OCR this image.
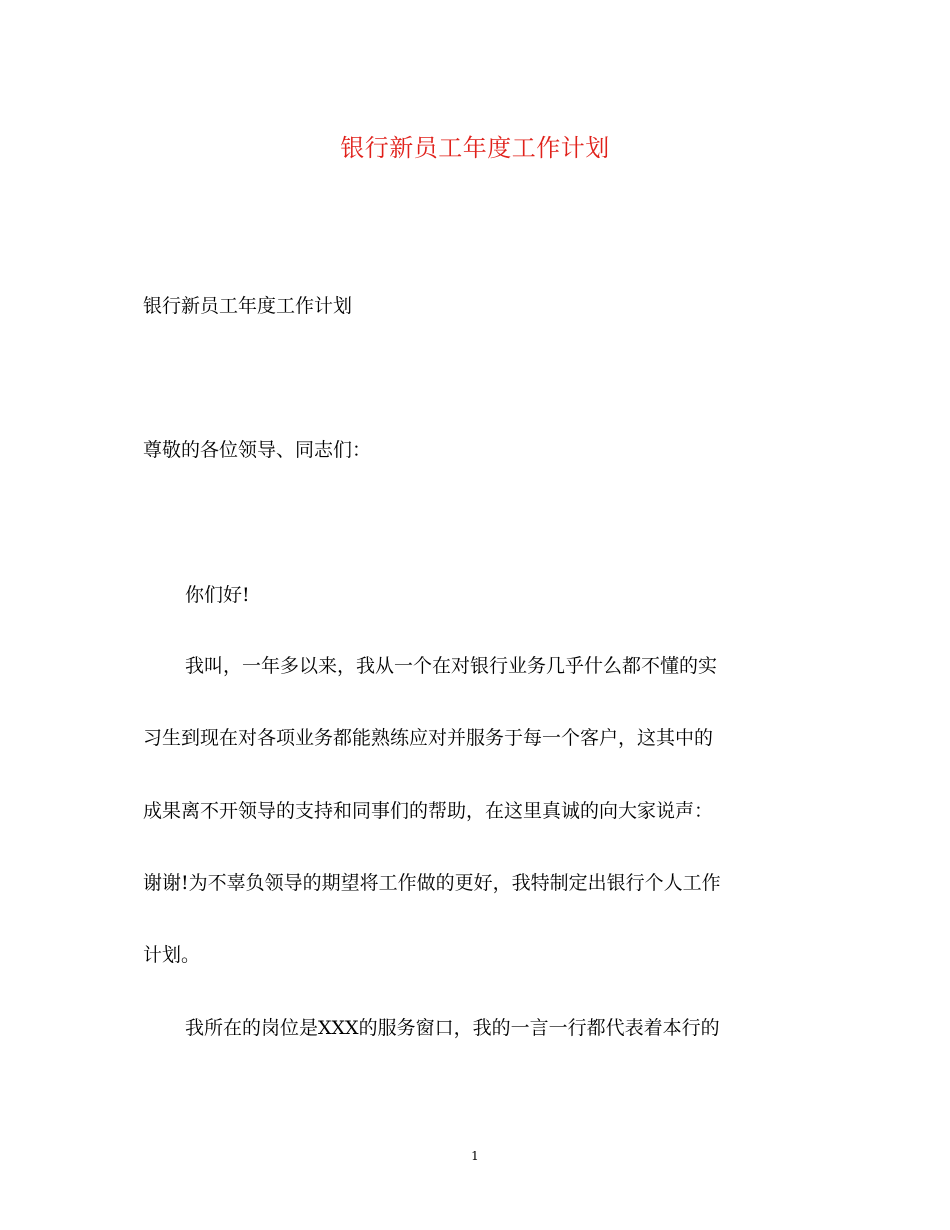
银行新员工年度工作计划

银行新员工年度工作计划

尊敬的各位领导、同志们：

你们好!

我叫，一年多以来，我从一个在对银行业务几乎什么都不懂的实

习生到现在对各项业务都能熟练应对并服务于每一个客户，这其中的

成果离不开领导的支持和同事们的帮助，在这里真诚的向大家说声：

谢谢!为不辜负领导的期望将工作做的更好，我特制定出银行个人工作

计划。

我所在的岗位是XXX的服务窗口，我的一言一行都代表着本行的

1
